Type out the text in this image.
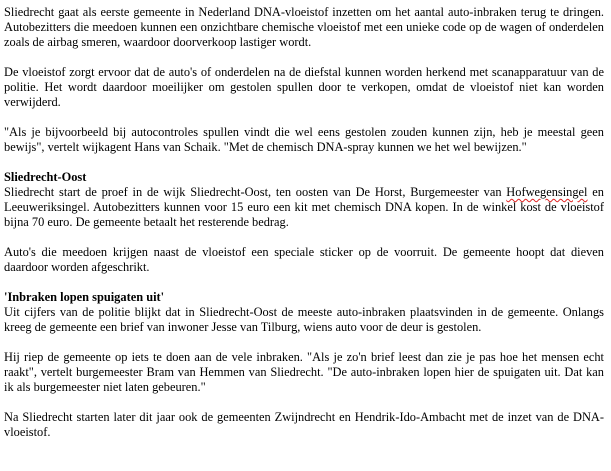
Sliedrecht gaat als eerste gemeente in Nederland DNA-vloeistof inzetten om het aantal auto-inbraken terug te dringen. Autobezitters die meedoen kunnen een onzichtbare chemische vloeistof met een unieke code op de wagen of onderdelen zoals de airbag smeren, waardoor doorverkoop lastiger wordt.

De vloeistof zorgt ervoor dat de auto's of onderdelen na de diefstal kunnen worden herkend met scanapparatuur van de politie. Het wordt daardoor moeilijker om gestolen spullen door te verkopen, omdat de vloeistof niet kan worden verwijderd.

"Als je bijvoorbeeld bij autocontroles spullen vindt die wel eens gestolen zouden kunnen zijn, heb je meestal geen bewijs", vertelt wijkagent Hans van Schaik. "Met de chemisch DNA-spray kunnen we het wel bewijzen."

Sliedrecht-Oost
Sliedrecht start de proef in de wijk Sliedrecht-Oost, ten oosten van De Horst, Burgemeester van Hofwegensingel en Leeuweriksingel. Autobezitters kunnen voor 15 euro een kit met chemisch DNA kopen. In de winkel kost de vloeistof bijna 70 euro. De gemeente betaalt het resterende bedrag.

Auto's die meedoen krijgen naast de vloeistof een speciale sticker op de voorruit. De gemeente hoopt dat dieven daardoor worden afgeschrikt.

'Inbraken lopen spuigaten uit'
Uit cijfers van de politie blijkt dat in Sliedrecht-Oost de meeste auto-inbraken plaatsvinden in de gemeente. Onlangs kreeg de gemeente een brief van inwoner Jesse van Tilburg, wiens auto voor de deur is gestolen.

Hij riep de gemeente op iets te doen aan de vele inbraken. "Als je zo'n brief leest dan zie je pas hoe het mensen echt raakt", vertelt burgemeester Bram van Hemmen van Sliedrecht. "De auto-inbraken lopen hier de spuigaten uit. Dat kan ik als burgemeester niet laten gebeuren."

Na Sliedrecht starten later dit jaar ook de gemeenten Zwijndrecht en Hendrik-Ido-Ambacht met de inzet van de DNA-vloeistof.
